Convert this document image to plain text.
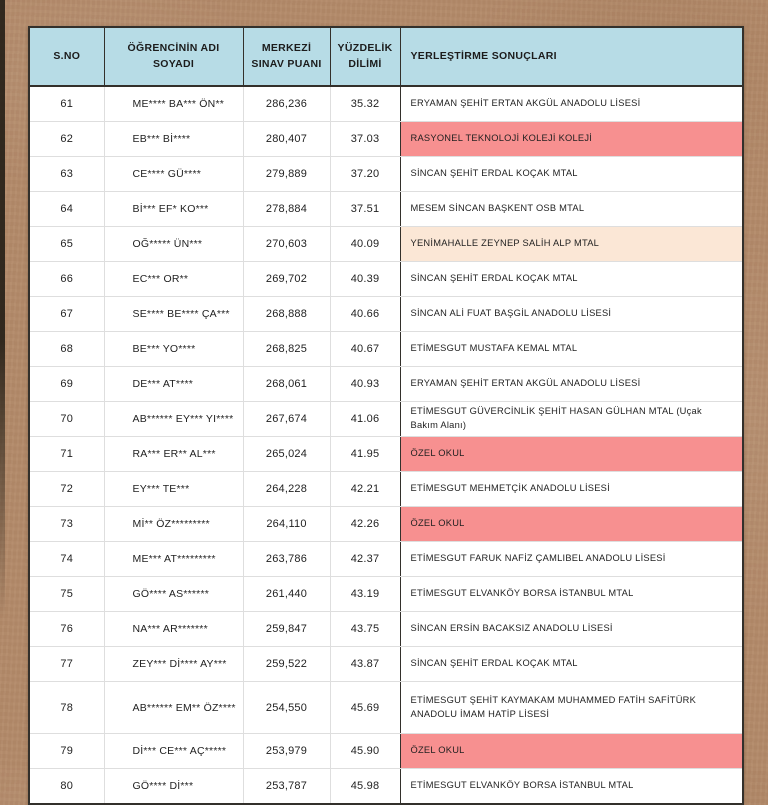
S.NO	ÖĞRENCİNİN ADI SOYADI	MERKEZİ SINAV PUANI	YÜZDELİK DİLİMİ	YERLEŞTİRME SONUÇLARI
61	ME**** BA*** ÖN**	286,236	35.32	ERYAMAN ŞEHİT ERTAN AKGÜL ANADOLU LİSESİ
62	EB*** Bİ****	280,407	37.03	RASYONEL TEKNOLOJİ KOLEJİ KOLEJİ
63	CE**** GÜ****	279,889	37.20	SİNCAN ŞEHİT ERDAL KOÇAK MTAL
64	Bİ*** EF* KO***	278,884	37.51	MESEM SİNCAN BAŞKENT OSB MTAL
65	OĞ***** ÜN***	270,603	40.09	YENİMAHALLE ZEYNEP SALİH ALP MTAL
66	EC*** OR**	269,702	40.39	SİNCAN ŞEHİT ERDAL KOÇAK MTAL
67	SE**** BE**** ÇA***	268,888	40.66	SİNCAN ALİ FUAT BAŞGİL ANADOLU LİSESİ
68	BE*** YO****	268,825	40.67	ETİMESGUT MUSTAFA KEMAL MTAL
69	DE*** AT****	268,061	40.93	ERYAMAN ŞEHİT ERTAN AKGÜL ANADOLU LİSESİ
70	AB****** EY*** YI****	267,674	41.06	ETİMESGUT GÜVERCİNLİK ŞEHİT HASAN GÜLHAN MTAL (Uçak Bakım Alanı)
71	RA*** ER** AL***	265,024	41.95	ÖZEL OKUL
72	EY*** TE***	264,228	42.21	ETİMESGUT MEHMETÇİK ANADOLU LİSESİ
73	Mİ** ÖZ*********	264,110	42.26	ÖZEL OKUL
74	ME*** AT*********	263,786	42.37	ETİMESGUT FARUK NAFİZ ÇAMLIBEL ANADOLU LİSESİ
75	GÖ**** AS******	261,440	43.19	ETİMESGUT ELVANKÖY BORSA İSTANBUL MTAL
76	NA*** AR*******	259,847	43.75	SİNCAN ERSİN BACAKSIZ ANADOLU LİSESİ
77	ZEY*** Dİ**** AY***	259,522	43.87	SİNCAN ŞEHİT ERDAL KOÇAK MTAL
78	AB****** EM** ÖZ****	254,550	45.69	ETİMESGUT ŞEHİT KAYMAKAM MUHAMMED FATİH SAFİTÜRK ANADOLU İMAM HATİP LİSESİ
79	Dİ*** CE*** AÇ*****	253,979	45.90	ÖZEL OKUL
80	GÖ**** Dİ***	253,787	45.98	ETİMESGUT ELVANKÖY BORSA İSTANBUL MTAL
